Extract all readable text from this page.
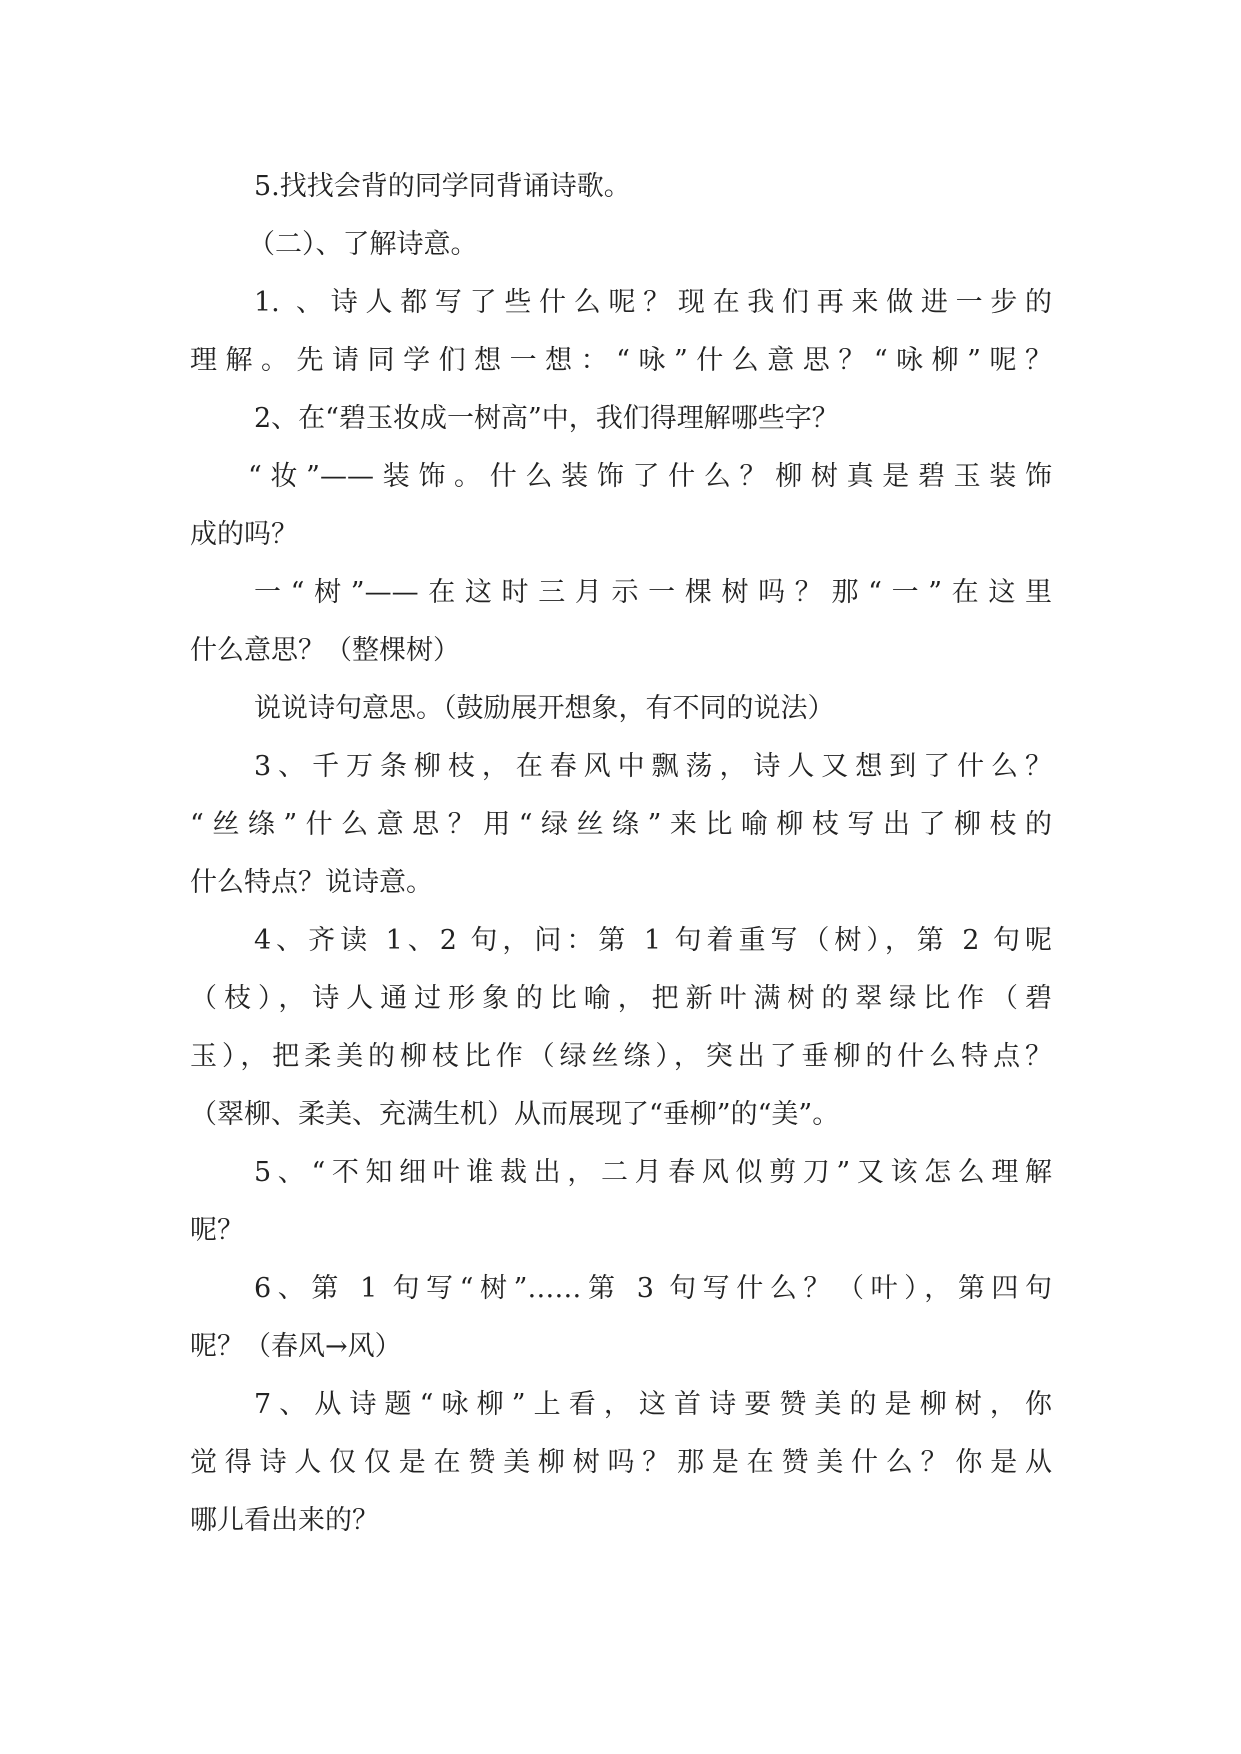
5.找找会背的同学同背诵诗歌。
（二）、了解诗意。
1. 、诗人都写了些什么呢？现在我们再来做进一步的
理解。先请同学们想一想：“咏”什么意思？“咏柳”呢？
2、在“碧玉妆成一树高”中，我们得理解哪些字？
“妆”——装饰。什么装饰了什么？柳树真是碧玉装饰
成的吗？
一“树”——在这时三月示一棵树吗？那“一”在这里
什么意思？（整棵树）
说说诗句意思。（鼓励展开想象，有不同的说法）
3、千万条柳枝，在春风中飘荡，诗人又想到了什么？
“丝绦”什么意思？用“绿丝绦”来比喻柳枝写出了柳枝的
什么特点？说诗意。
4、齐读 1、2 句，问：第 1 句着重写（树），第 2 句呢
（枝），诗人通过形象的比喻，把新叶满树的翠绿比作（碧
玉），把柔美的柳枝比作（绿丝绦），突出了垂柳的什么特点？
（翠柳、柔美、充满生机）从而展现了“垂柳”的“美”。
5、“不知细叶谁裁出，二月春风似剪刀”又该怎么理解
呢？
6、第 1 句写“树”……第 3 句写什么？（叶），第四句
呢？（春风→风）
7、从诗题“咏柳”上看，这首诗要赞美的是柳树，你
觉得诗人仅仅是在赞美柳树吗？那是在赞美什么？你是从
哪儿看出来的？
